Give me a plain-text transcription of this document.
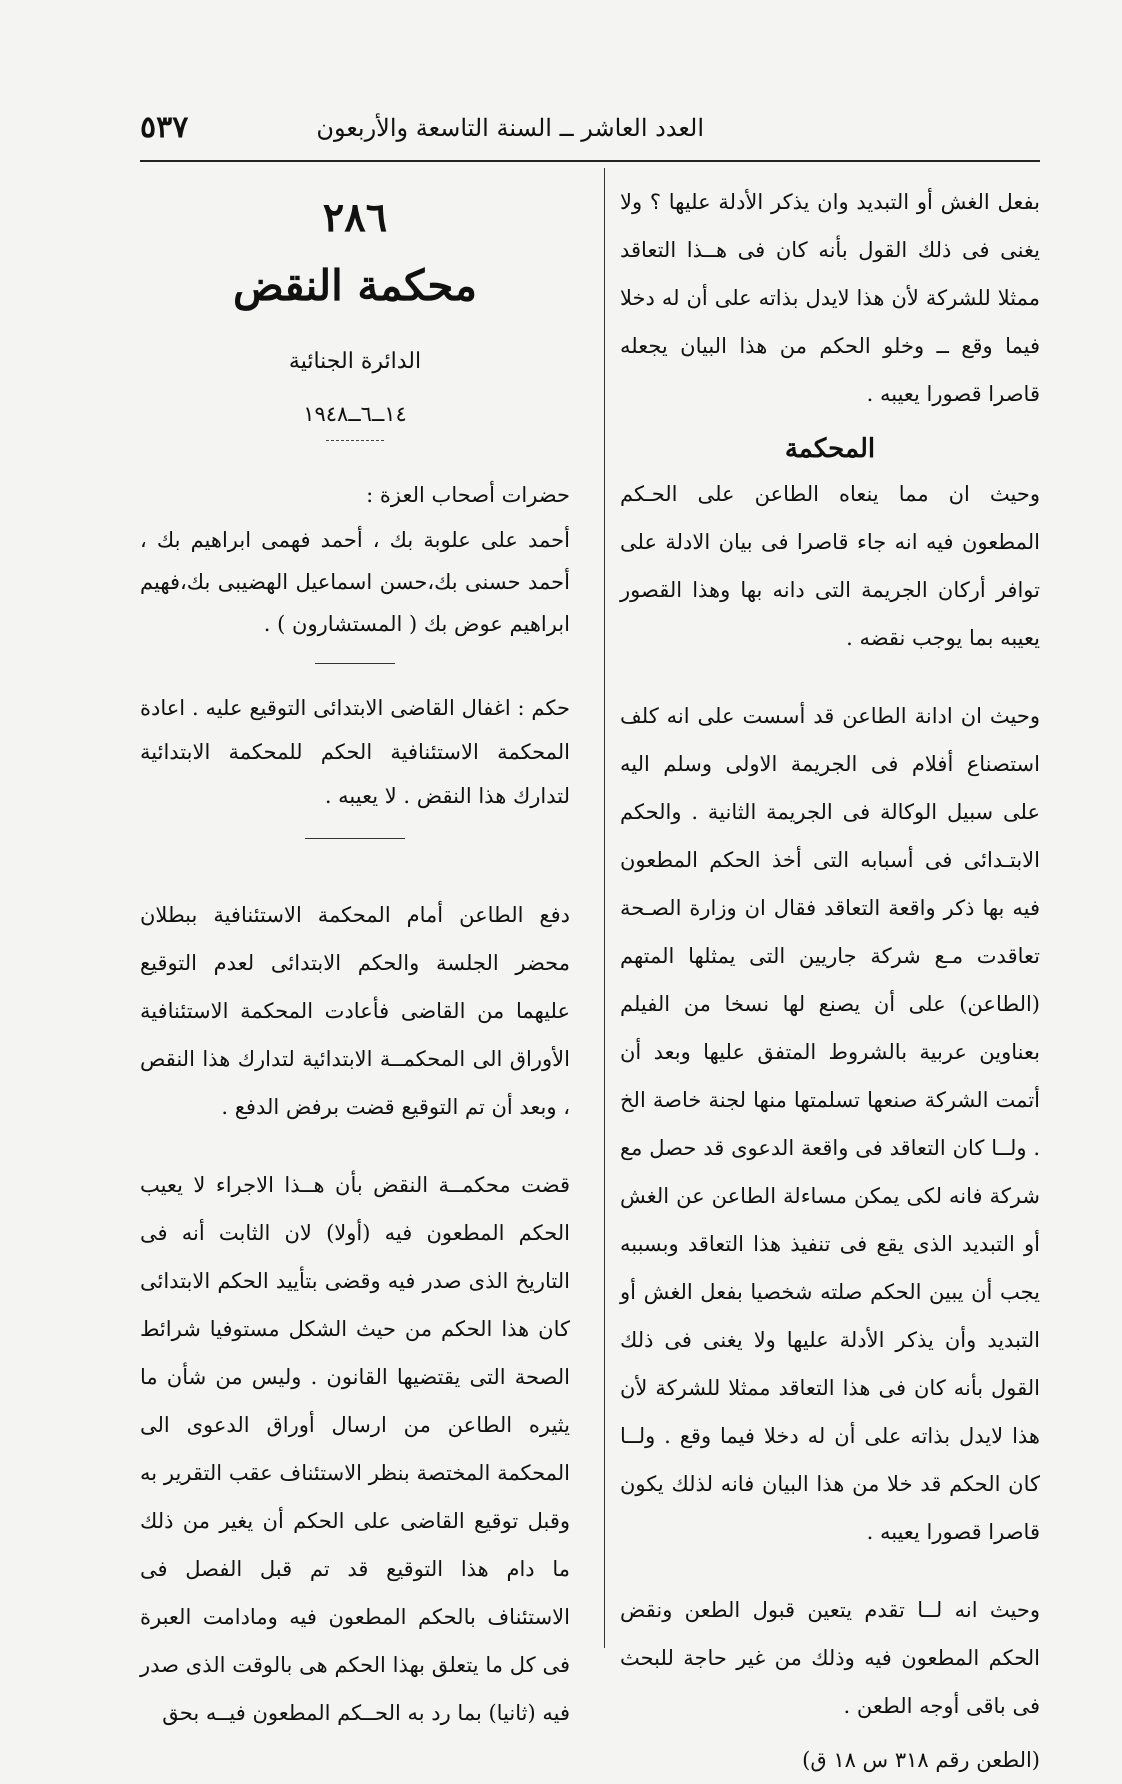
العدد العاشر ــ السنة التاسعة والأربعون
٥٣٧

بفعل الغش أو التبديد وان يذكر الأدلة عليها ؟ ولا يغنى فى ذلك القول بأنه كان فى هــذا التعاقد ممثلا للشركة لأن هذا لايدل بذاته على أن له دخلا فيما وقع ــ وخلو الحكم من هذا البيان يجعله قاصرا قصورا يعيبه .

المحكمة

وحيث ان مما ينعاه الطاعن على الحـكم المطعون فيه انه جاء قاصرا فى بيان الادلة على توافر أركان الجريمة التى دانه بها وهذا القصور يعيبه بما يوجب نقضه .

وحيث ان ادانة الطاعن قد أسست على انه كلف استصناع أفلام فى الجريمة الاولى وسلم اليه على سبيل الوكالة فى الجريمة الثانية . والحكم الابتـدائى فى أسبابه التى أخذ الحكم المطعون فيه بها ذكر واقعة التعاقد فقال ان وزارة الصـحة تعاقدت مـع شركة جاريين التى يمثلها المتهم (الطاعن) على أن يصنع لها نسخا من الفيلم بعناوين عربية بالشروط المتفق عليها وبعد أن أتمت الشركة صنعها تسلمتها منها لجنة خاصة الخ . ولــا كان التعاقد فى واقعة الدعوى قد حصل مع شركة فانه لكى يمكن مساءلة الطاعن عن الغش أو التبديد الذى يقع فى تنفيذ هذا التعاقد وبسببه يجب أن يبين الحكم صلته شخصيا بفعل الغش أو التبديد وأن يذكر الأدلة عليها ولا يغنى فى ذلك القول بأنه كان فى هذا التعاقد ممثلا للشركة لأن هذا لايدل بذاته على أن له دخلا فيما وقع . ولــا كان الحكم قد خلا من هذا البيان فانه لذلك يكون قاصرا قصورا يعيبه .

وحيث انه لــا تقدم يتعين قبول الطعن ونقض الحكم المطعون فيه وذلك من غير حاجة للبحث فى باقى أوجه الطعن .

(الطعن رقم ٣١٨ س ١٨ ق)
٢٨٦
محكمة النقض
الدائرة الجنائية
١٤ــ٦ــ١٩٤٨
حضرات أصحاب العزة :
أحمد على علوبة بك ، أحمد فهمى ابراهيم بك ، أحمد حسنى بك،حسن اسماعيل الهضيبى بك،فهيم ابراهيم عوض بك ( المستشارون ) .
حكم : اغفال القاضى الابتدائى التوقيع عليه . اعادة المحكمة الاستئنافية الحكم للمحكمة الابتدائية لتدارك هذا النقض . لا يعيبه .

دفع الطاعن أمام المحكمة الاستئنافية ببطلان محضر الجلسة والحكم الابتدائى لعدم التوقيع عليهما من القاضى فأعادت المحكمة الاستئنافية الأوراق الى المحكمــة الابتدائية لتدارك هذا النقص ، وبعد أن تم التوقيع قضت برفض الدفع .

قضت محكمــة النقض بأن هــذا الاجراء لا يعيب الحكم المطعون فيه (أولا) لان الثابت أنه فى التاريخ الذى صدر فيه وقضى بتأييد الحكم الابتدائى كان هذا الحكم من حيث الشكل مستوفيا شرائط الصحة التى يقتضيها القانون . وليس من شأن ما يثيره الطاعن من ارسال أوراق الدعوى الى المحكمة المختصة بنظر الاستئناف عقب التقرير به وقبل توقيع القاضى على الحكم أن يغير من ذلك ما دام هذا التوقيع قد تم قبل الفصل فى الاستئناف بالحكم المطعون فيه ومادامت العبرة فى كل ما يتعلق بهذا الحكم هى بالوقت الذى صدر فيه (ثانيا) بما رد به الحــكم المطعون فيــه بحق
